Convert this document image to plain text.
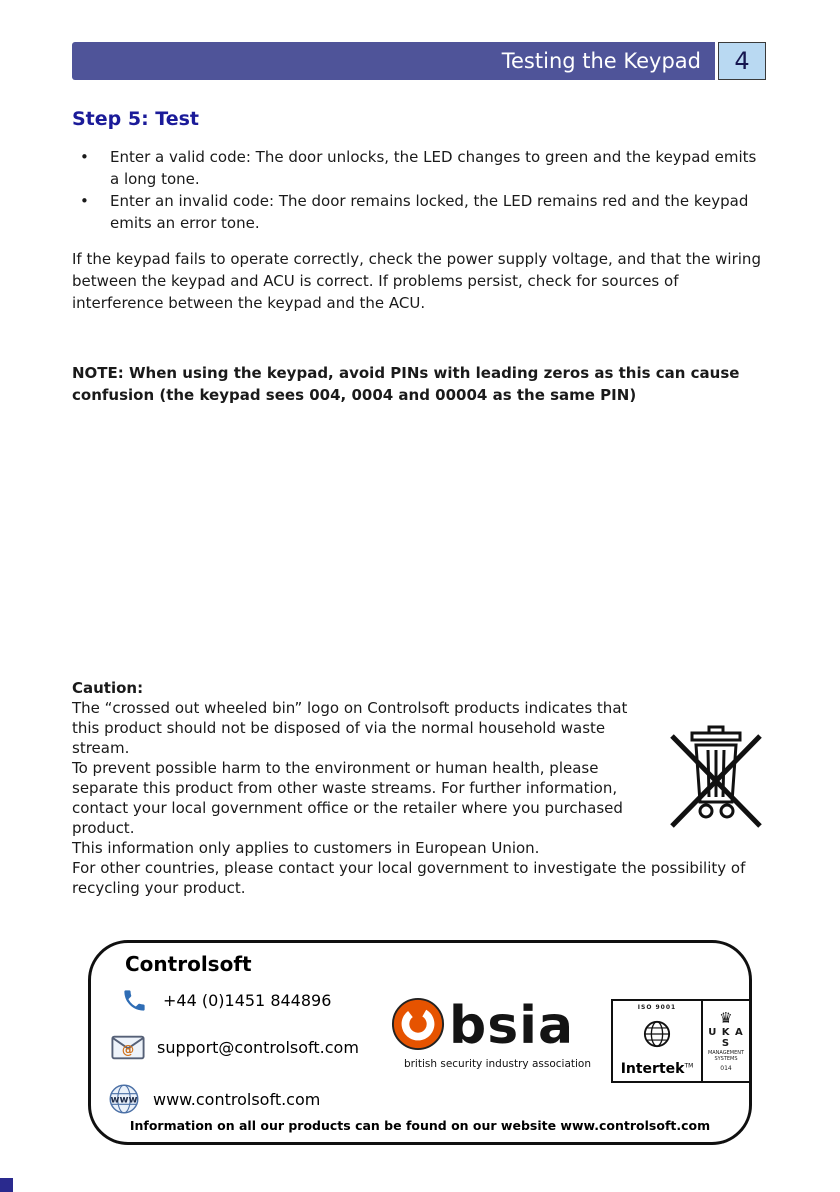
Testing the Keypad 4
Step 5: Test
• Enter a valid code: The door unlocks, the LED changes to green and the keypad emits a long tone.
• Enter an invalid code: The door remains locked, the LED remains red and the keypad emits an error tone.

If the keypad fails to operate correctly, check the power supply voltage, and that the wiring between the keypad and ACU is correct. If problems persist, check for sources of interference between the keypad and the ACU.

NOTE: When using the keypad, avoid PINs with leading zeros as this can cause confusion (the keypad sees 004, 0004 and 00004 as the same PIN)

Caution:

The “crossed out wheeled bin” logo on Controlsoft products indicates that this product should not be disposed of via the normal household waste stream.

To prevent possible harm to the environment or human health, please separate this product from other waste streams. For further information, contact your local government office or the retailer where you purchased product.

This information only applies to customers in European Union.

For other countries, please contact your local government to investigate the possibility of recycling your product.

Controlsoft
+44 (0)1451 844896
@ support@controlsoft.com
www www.controlsoft.com
bsia
british security industry association
ISO 9001
Intertek™
♛
U K A S
MANAGEMENT SYSTEMS
014
Information on all our products can be found on our website www.controlsoft.com
